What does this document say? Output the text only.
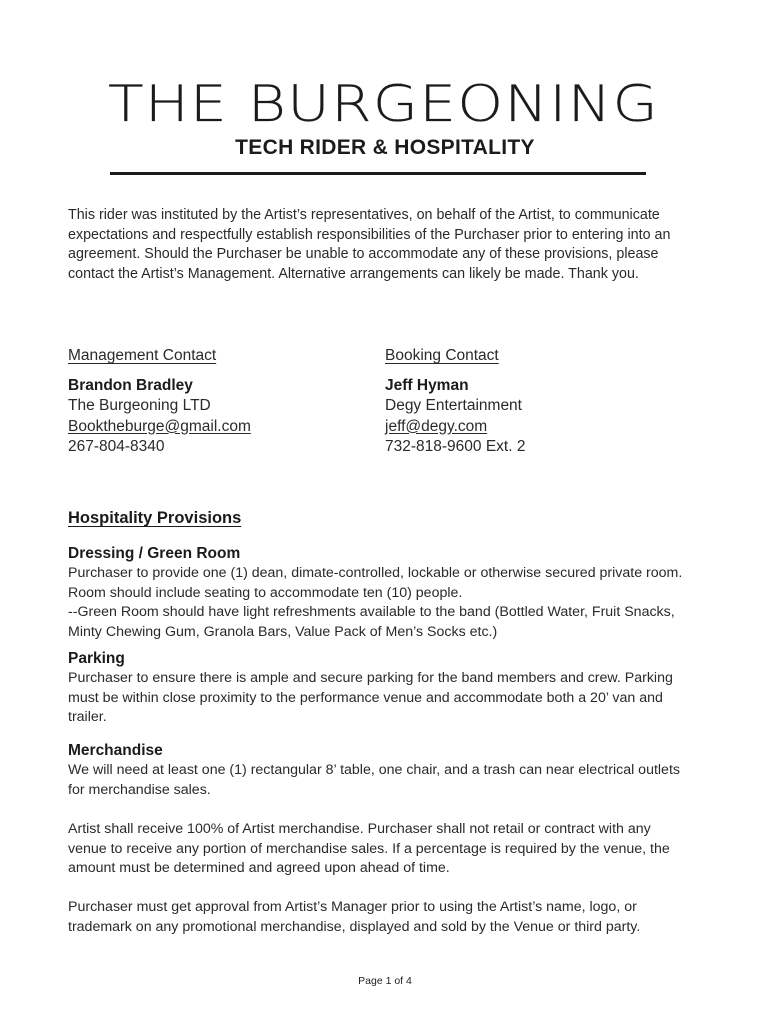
THE BURGEONING
TECH RIDER & HOSPITALITY
This rider was instituted by the Artist’s representatives, on behalf of the Artist, to communicate expectations and respectfully establish responsibilities of the Purchaser prior to entering into an agreement. Should the Purchaser be unable to accommodate any of these provisions, please contact the Artist’s Management. Alternative arrangements can likely be made. Thank you.
Management Contact
Brandon Bradley
The Burgeoning LTD
Booktheburge@gmail.com
267-804-8340
Booking Contact
Jeff Hyman
Degy Entertainment
jeff@degy.com
732-818-9600 Ext. 2
Hospitality Provisions
Dressing / Green Room
Purchaser to provide one (1) dean, dimate-controlled, lockable or otherwise secured private room. Room should include seating to accommodate ten (10) people.
--Green Room should have light refreshments available to the band (Bottled Water, Fruit Snacks, Minty Chewing Gum, Granola Bars, Value Pack of Men’s Socks etc.)
Parking
Purchaser to ensure there is ample and secure parking for the band members and crew. Parking must be within close proximity to the performance venue and accommodate both a 20’ van and trailer.
Merchandise
We will need at least one (1) rectangular 8’ table, one chair, and a trash can near electrical outlets for merchandise sales.
Artist shall receive 100% of Artist merchandise. Purchaser shall not retail or contract with any venue to receive any portion of merchandise sales. If a percentage is required by the venue, the amount must be determined and agreed upon ahead of time.
Purchaser must get approval from Artist’s Manager prior to using the Artist’s name, logo, or trademark on any promotional merchandise, displayed and sold by the Venue or third party.
Page 1 of 4
